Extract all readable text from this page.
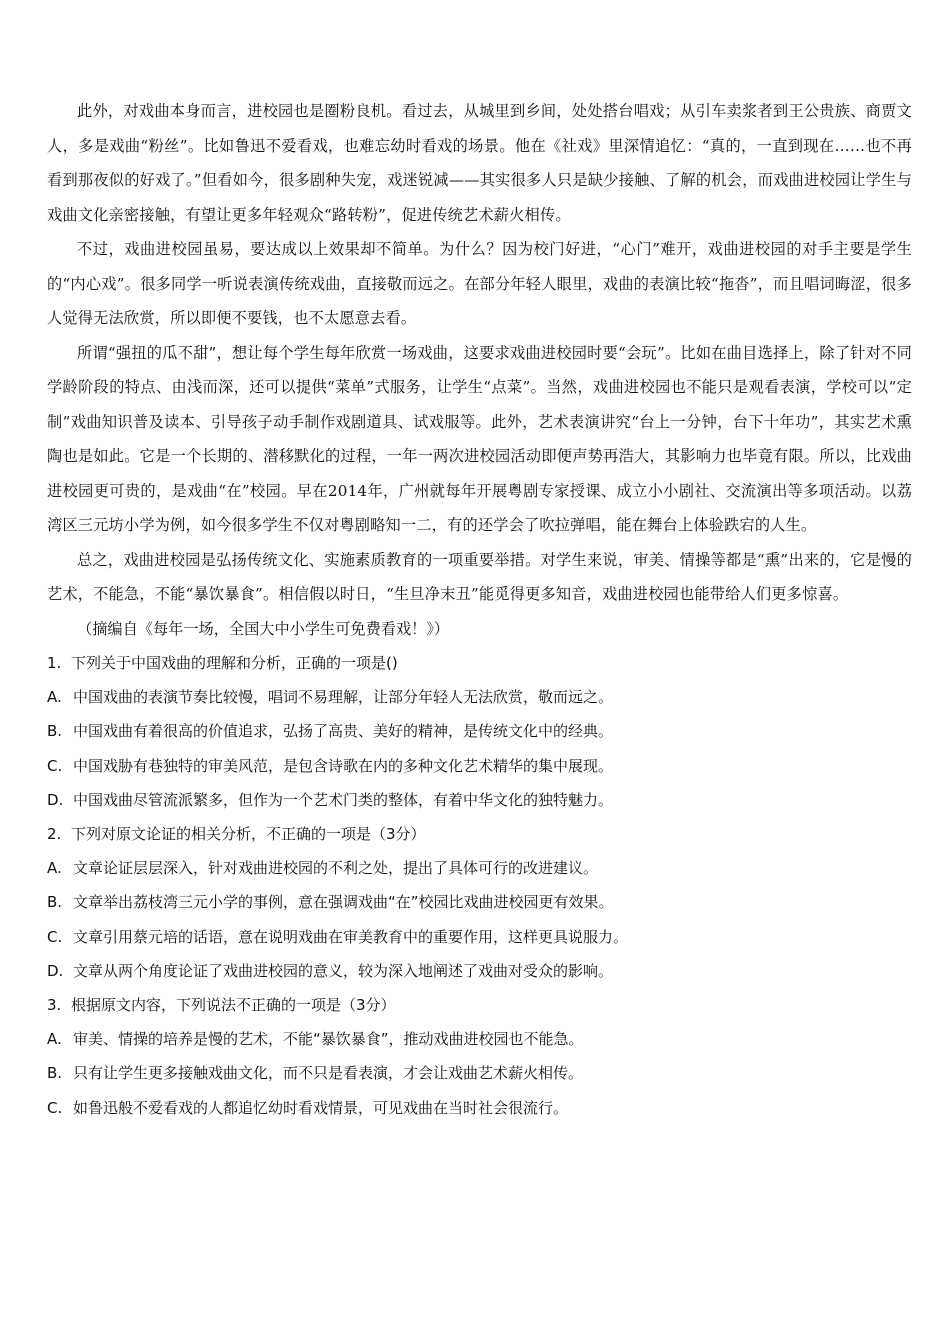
此外，对戏曲本身而言，进校园也是圈粉良机。看过去，从城里到乡间，处处搭台唱戏；从引车卖浆者到王公贵族、商贾文人，多是戏曲“粉丝”。比如鲁迅不爱看戏，也难忘幼时看戏的场景。他在《社戏》里深情追忆：“真的，一直到现在……也不再看到那夜似的好戏了。”但看如今，很多剧种失宠，戏迷锐减——其实很多人只是缺少接触、了解的机会，而戏曲进校园让学生与戏曲文化亲密接触，有望让更多年轻观众“路转粉”，促进传统艺术薪火相传。

不过，戏曲进校园虽易，要达成以上效果却不简单。为什么？因为校门好进，“心门”难开，戏曲进校园的对手主要是学生的“内心戏”。很多同学一听说表演传统戏曲，直接敬而远之。在部分年轻人眼里，戏曲的表演比较“拖沓”，而且唱词晦涩，很多人觉得无法欣赏，所以即便不要钱，也不太愿意去看。

所谓“强扭的瓜不甜”，想让每个学生每年欣赏一场戏曲，这要求戏曲进校园时要“会玩”。比如在曲目选择上，除了针对不同学龄阶段的特点、由浅而深，还可以提供“菜单”式服务，让学生“点菜”。当然，戏曲进校园也不能只是观看表演，学校可以“定制”戏曲知识普及读本、引导孩子动手制作戏剧道具、试戏服等。此外，艺术表演讲究“台上一分钟，台下十年功”，其实艺术熏陶也是如此。它是一个长期的、潜移默化的过程，一年一两次进校园活动即便声势再浩大，其影响力也毕竟有限。所以，比戏曲进校园更可贵的，是戏曲“在”校园。早在2014年，广州就每年开展粤剧专家授课、成立小小剧社、交流演出等多项活动。以荔湾区三元坊小学为例，如今很多学生不仅对粤剧略知一二，有的还学会了吹拉弹唱，能在舞台上体验跌宕的人生。

总之，戏曲进校园是弘扬传统文化、实施素质教育的一项重要举措。对学生来说，审美、情操等都是“熏”出来的，它是慢的艺术，不能急，不能“暴饮暴食”。相信假以时日，“生旦净末丑”能觅得更多知音，戏曲进校园也能带给人们更多惊喜。

（摘编自《每年一场，全国大中小学生可免费看戏！》）

1. 下列关于中国戏曲的理解和分析，正确的一项是()

A. 中国戏曲的表演节奏比较慢，唱词不易理解，让部分年轻人无法欣赏，敬而远之。

B. 中国戏曲有着很高的价值追求，弘扬了高贵、美好的精神，是传统文化中的经典。

C. 中国戏胁有巷独特的审美风范，是包含诗歌在内的多种文化艺术精华的集中展现。

D. 中国戏曲尽管流派繁多，但作为一个艺术门类的整体，有着中华文化的独特魅力。

2. 下列对原文论证的相关分析，不正确的一项是（3分）

A. 文章论证层层深入，针对戏曲进校园的不利之处，提出了具体可行的改进建议。

B. 文章举出荔枝湾三元小学的事例，意在强调戏曲“在”校园比戏曲进校园更有效果。

C. 文章引用蔡元培的话语，意在说明戏曲在审美教育中的重要作用，这样更具说服力。

D. 文章从两个角度论证了戏曲进校园的意义，较为深入地阐述了戏曲对受众的影响。

3. 根据原文内容，下列说法不正确的一项是（3分）

A. 审美、情操的培养是慢的艺术，不能“暴饮暴食”，推动戏曲进校园也不能急。

B. 只有让学生更多接触戏曲文化，而不只是看表演，才会让戏曲艺术薪火相传。

C. 如鲁迅般不爱看戏的人都追忆幼时看戏情景，可见戏曲在当时社会很流行。
